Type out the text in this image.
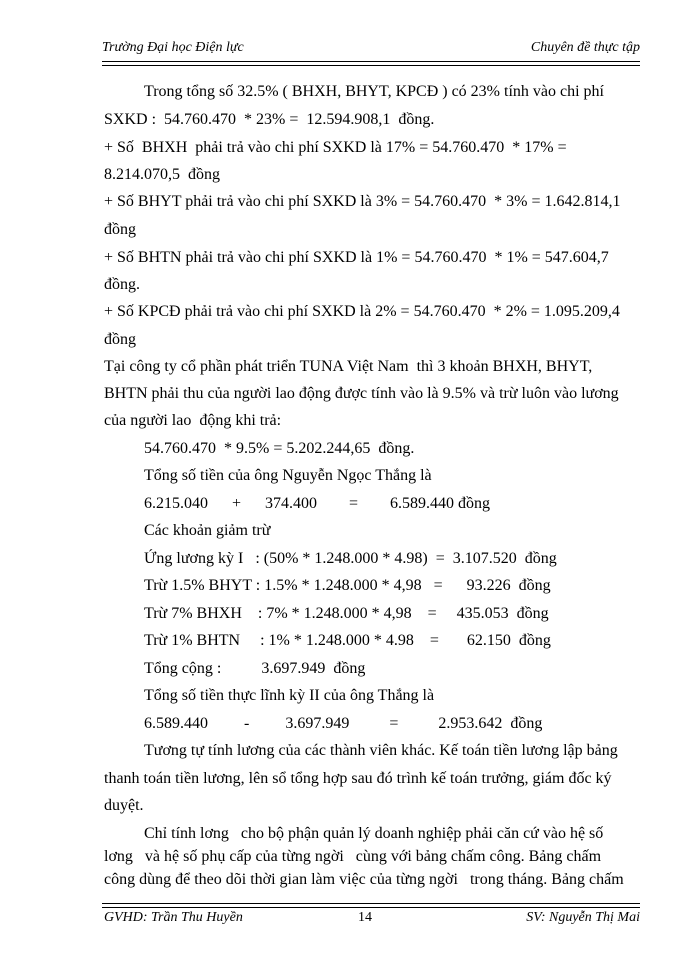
Trường Đại học Điện lực	Chuyên đề thực tập
Trong tổng số 32.5% ( BHXH, BHYT, KPCĐ ) có 23% tính vào chi phí
SXKD :  54.760.470  * 23% =  12.594.908,1  đồng.
+ Số  BHXH  phải trả vào chi phí SXKD là 17% = 54.760.470  * 17% =
8.214.070,5  đồng
+ Số BHYT phải trả vào chi phí SXKD là 3% = 54.760.470  * 3% = 1.642.814,1
đồng
+ Số BHTN phải trả vào chi phí SXKD là 1% = 54.760.470  * 1% = 547.604,7
đồng.
+ Số KPCĐ phải trả vào chi phí SXKD là 2% = 54.760.470  * 2% = 1.095.209,4
đồng
Tại công ty cổ phần phát triển TUNA Việt Nam  thì 3 khoản BHXH, BHYT,
BHTN phải thu của người lao động được tính vào là 9.5% và trừ luôn vào lương
của người lao  động khi trả:
54.760.470  * 9.5% = 5.202.244,65  đồng.
Tổng số tiền của ông Nguyễn Ngọc Thắng là
6.215.040      +      374.400        =        6.589.440 đồng
Các khoản giảm trừ
Ứng lương kỳ I   : (50% * 1.248.000 * 4.98)  =  3.107.520  đồng
Trừ 1.5% BHYT : 1.5% * 1.248.000 * 4,98   =      93.226  đồng
Trừ 7% BHXH    : 7% * 1.248.000 * 4,98    =     435.053  đồng
Trừ 1% BHTN     : 1% * 1.248.000 * 4.98    =       62.150  đồng
Tổng cộng :          3.697.949  đồng
Tổng số tiền thực lĩnh kỳ II của ông Thắng là
6.589.440         -         3.697.949          =          2.953.642  đồng
Tương tự tính lương của các thành viên khác. Kế toán tiền lương lập bảng
thanh toán tiền lương, lên sổ tổng hợp sau đó trình kế toán trưởng, giám đốc ký
duyệt.
Chỉ tính lơng   cho bộ phận quản lý doanh nghiệp phải căn cứ vào hệ số
lơng   và hệ số phụ cấp của từng ngời   cùng với bảng chấm công. Bảng chấm
công dùng để theo dõi thời gian làm việc của từng ngời   trong tháng. Bảng chấm
GVHD: Trần Thu Huyền	14	SV: Nguyễn Thị Mai
